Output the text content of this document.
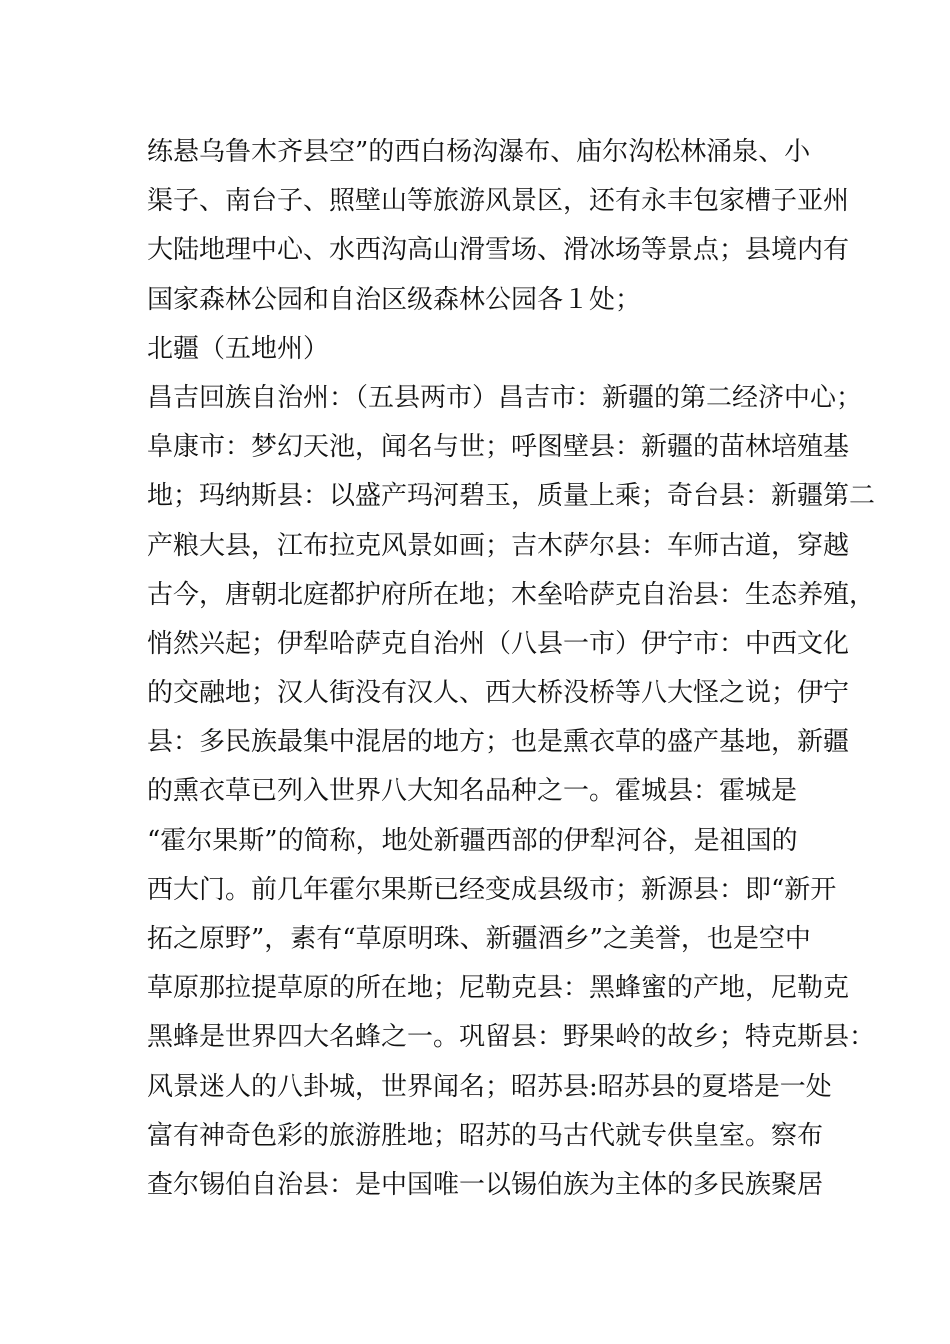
练悬乌鲁木齐县空”的西白杨沟瀑布、庙尔沟松林涌泉、小
渠子、南台子、照壁山等旅游风景区，还有永丰包家槽子亚州
大陆地理中心、水西沟高山滑雪场、滑冰场等景点；县境内有
国家森林公园和自治区级森林公园各１处；
北疆（五地州）
昌吉回族自治州：（五县两市）昌吉市：新疆的第二经济中心；
阜康市：梦幻天池，闻名与世；呼图壁县：新疆的苗林培殖基
地；玛纳斯县：以盛产玛河碧玉，质量上乘；奇台县：新疆第二
产粮大县，江布拉克风景如画；吉木萨尔县：车师古道，穿越
古今，唐朝北庭都护府所在地；木垒哈萨克自治县：生态养殖，
悄然兴起；伊犁哈萨克自治州（八县一市）伊宁市：中西文化
的交融地；汉人街没有汉人、西大桥没桥等八大怪之说；伊宁
县：多民族最集中混居的地方；也是熏衣草的盛产基地，新疆
的熏衣草已列入世界八大知名品种之一。霍城县：霍城是
“霍尔果斯”的简称，地处新疆西部的伊犁河谷，是祖国的
西大门。前几年霍尔果斯已经变成县级市；新源县：即“新开
拓之原野”，素有“草原明珠、新疆酒乡”之美誉，也是空中
草原那拉提草原的所在地；尼勒克县：黑蜂蜜的产地，尼勒克
黑蜂是世界四大名蜂之一。巩留县：野果岭的故乡；特克斯县：
风景迷人的八卦城，世界闻名；昭苏县:昭苏县的夏塔是一处
富有神奇色彩的旅游胜地；昭苏的马古代就专供皇室。察布
查尔锡伯自治县：是中国唯一以锡伯族为主体的多民族聚居
